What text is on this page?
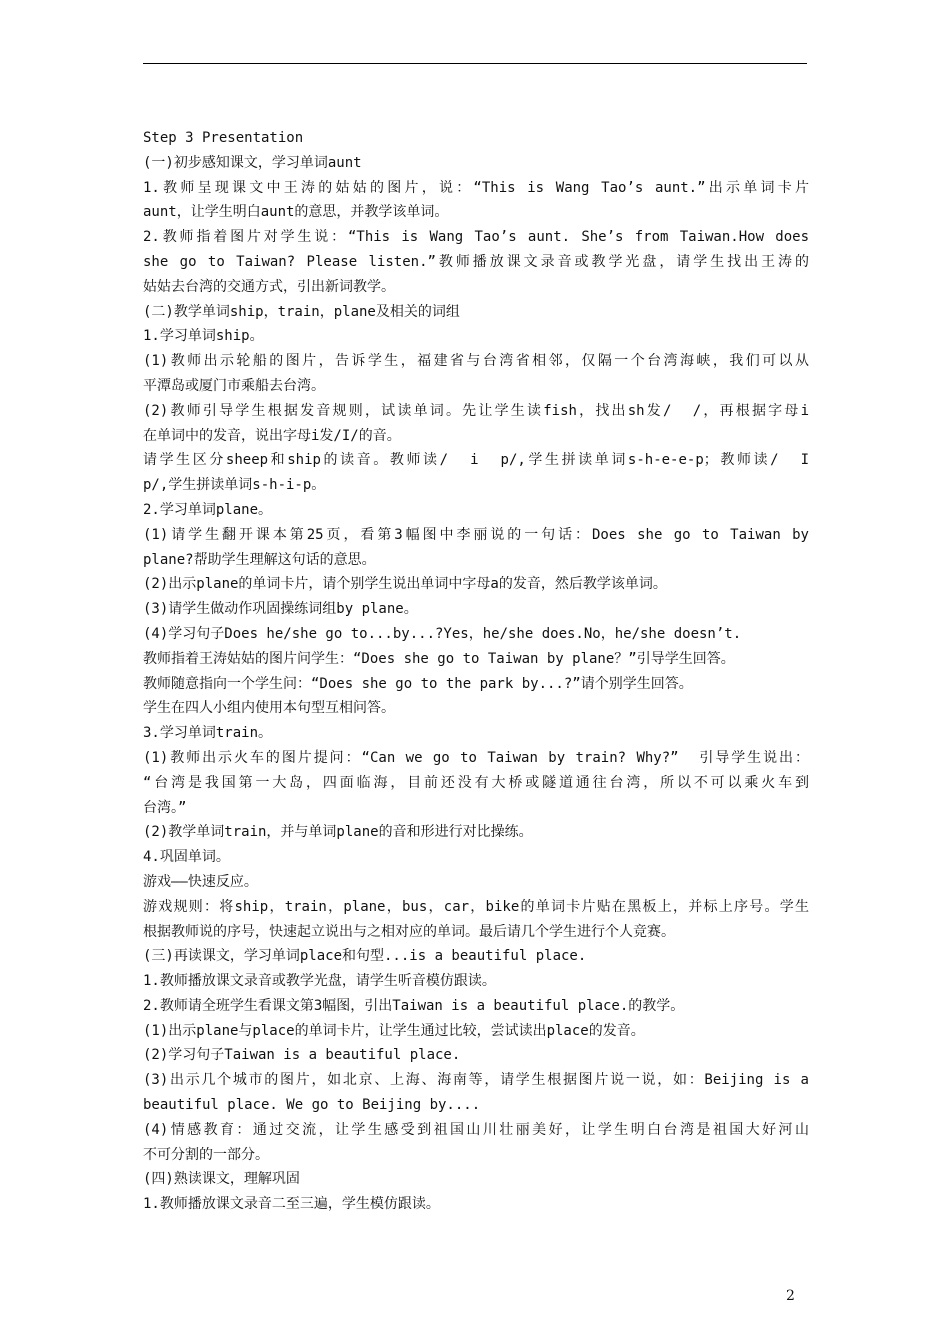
Step 3 Presentation

(一)初步感知课文，学习单词aunt

1.教师呈现课文中王涛的姑姑的图片，说：“This is Wang Tao’s aunt.”出示单词卡片

aunt，让学生明白aunt的意思，并教学该单词。

2.教师指着图片对学生说：“This is Wang Tao’s aunt. She’s from Taiwan.How does

she go to Taiwan? Please listen.”教师播放课文录音或教学光盘，请学生找出王涛的

姑姑去台湾的交通方式，引出新词教学。

(二)教学单词ship，train，plane及相关的词组

1.学习单词ship。

(1)教师出示轮船的图片，告诉学生，福建省与台湾省相邻，仅隔一个台湾海峡，我们可以从

平潭岛或厦门市乘船去台湾。

(2)教师引导学生根据发音规则，试读单词。先让学生读fish，找出sh发/  /，再根据字母i

在单词中的发音，说出字母i发/I/的音。

请学生区分sheep和ship的读音。教师读/  i  p/,学生拼读单词s-h-e-e-p；教师读/  I

p/,学生拼读单词s-h-i-p。

2.学习单词plane。

(1)请学生翻开课本第25页，看第3幅图中李丽说的一句话：Does she go to Taiwan by

plane?帮助学生理解这句话的意思。

(2)出示plane的单词卡片，请个别学生说出单词中字母a的发音，然后教学该单词。

(3)请学生做动作巩固操练词组by plane。

(4)学习句子Does he/she go to...by...?Yes，he/she does.No，he/she doesn’t.

教师指着王涛姑姑的图片问学生：“Does she go to Taiwan by plane？”引导学生回答。

教师随意指向一个学生问：“Does she go to the park by...?”请个别学生回答。

学生在四人小组内使用本句型互相问答。

3.学习单词train。

(1)教师出示火车的图片提问：“Can we go to Taiwan by train? Why?”  引导学生说出：

“台湾是我国第一大岛，四面临海，目前还没有大桥或隧道通往台湾，所以不可以乘火车到

台湾。”

(2)教学单词train，并与单词plane的音和形进行对比操练。

4.巩固单词。

游戏——快速反应。

游戏规则：将ship，train，plane，bus，car，bike的单词卡片贴在黑板上，并标上序号。学生

根据教师说的序号，快速起立说出与之相对应的单词。最后请几个学生进行个人竞赛。

(三)再读课文，学习单词place和句型...is a beautiful place.

1.教师播放课文录音或教学光盘，请学生听音模仿跟读。

2.教师请全班学生看课文第3幅图，引出Taiwan is a beautiful place.的教学。

(1)出示plane与place的单词卡片，让学生通过比较，尝试读出place的发音。

(2)学习句子Taiwan is a beautiful place.

(3)出示几个城市的图片，如北京、上海、海南等，请学生根据图片说一说，如：Beijing is a

beautiful place. We go to Beijing by....

(4)情感教育：通过交流，让学生感受到祖国山川壮丽美好，让学生明白台湾是祖国大好河山

不可分割的一部分。

(四)熟读课文，理解巩固

1.教师播放课文录音二至三遍，学生模仿跟读。

2
